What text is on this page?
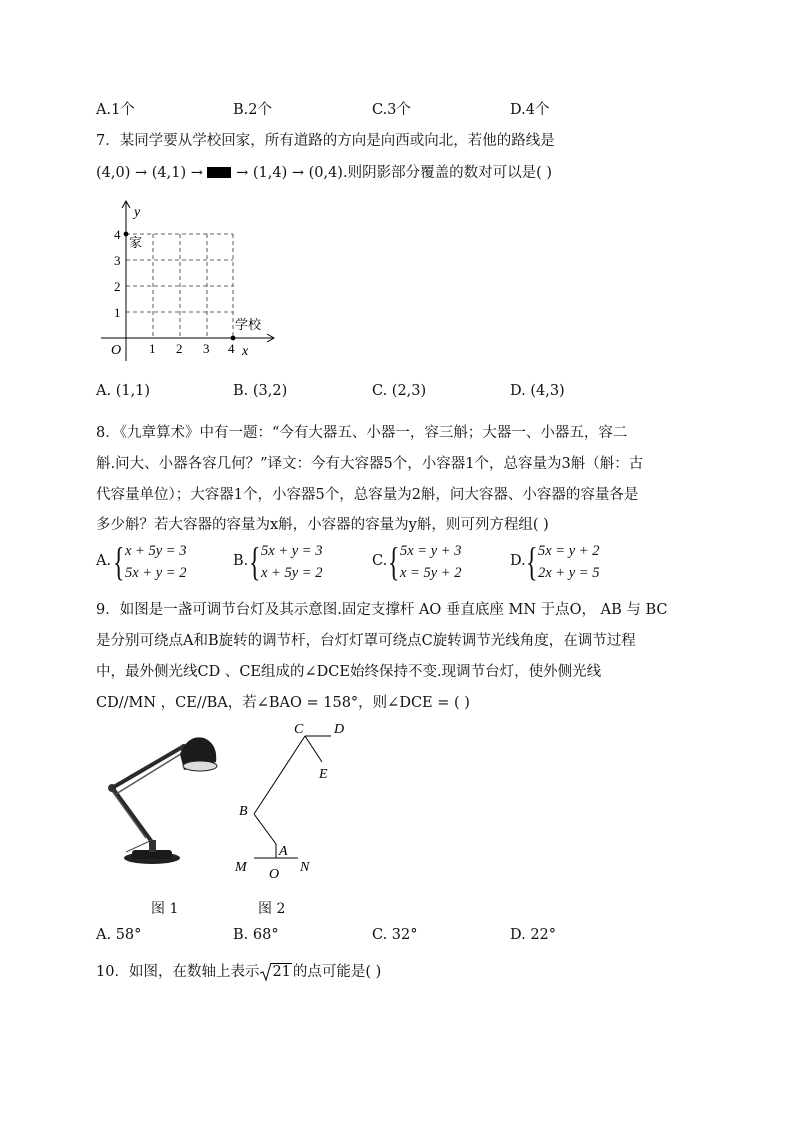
A.1个	B.2个	C.3个	D.4个
7．某同学要从学校回家，所有道路的方向是向西或向北，若他的路线是
(4,0) → (4,1) → → (1,4) → (0,4).则阴影部分覆盖的数对可以是( )
y
x
O
家
学校
1 2 3 4
1
2
3
4
A. (1,1)	B. (3,2)	C. (2,3)	D. (4,3)
8．《九章算术》中有一题：“今有大器五、小器一，容三斛；大器一、小器五，容二
斛.问大、小器各容几何？”译文：今有大容器5个，小容器1个，总容量为3斛（斛：古
代容量单位）；大容器1个，小容器5个，总容量为2斛，问大容器、小容器的容量各是
多少斛？若大容器的容量为x斛，小容器的容量为y斛，则可列方程组( )
A. { x + 5y = 3
5x + y = 2
B. { 5x + y = 3
x + 5y = 2
C. { 5x = y + 3
x = 5y + 2
D. { 5x = y + 2
2x + y = 5
9．如图是一盏可调节台灯及其示意图.固定支撑杆 AO 垂直底座 MN 于点O， AB 与 BC
是分别可绕点A和B旋转的调节杆，台灯灯罩可绕点C旋转调节光线角度，在调节过程
中，最外侧光线CD 、CE组成的∠DCE始终保持不变.现调节台灯，使外侧光线
CD//MN ，CE//BA，若∠BAO = 158°，则∠DCE = ( )
C D
E
B
A
M O N
图 1	图 2
A. 58°	B. 68°	C. 32°	D. 22°
10．如图，在数轴上表示 21 的点可能是( )
